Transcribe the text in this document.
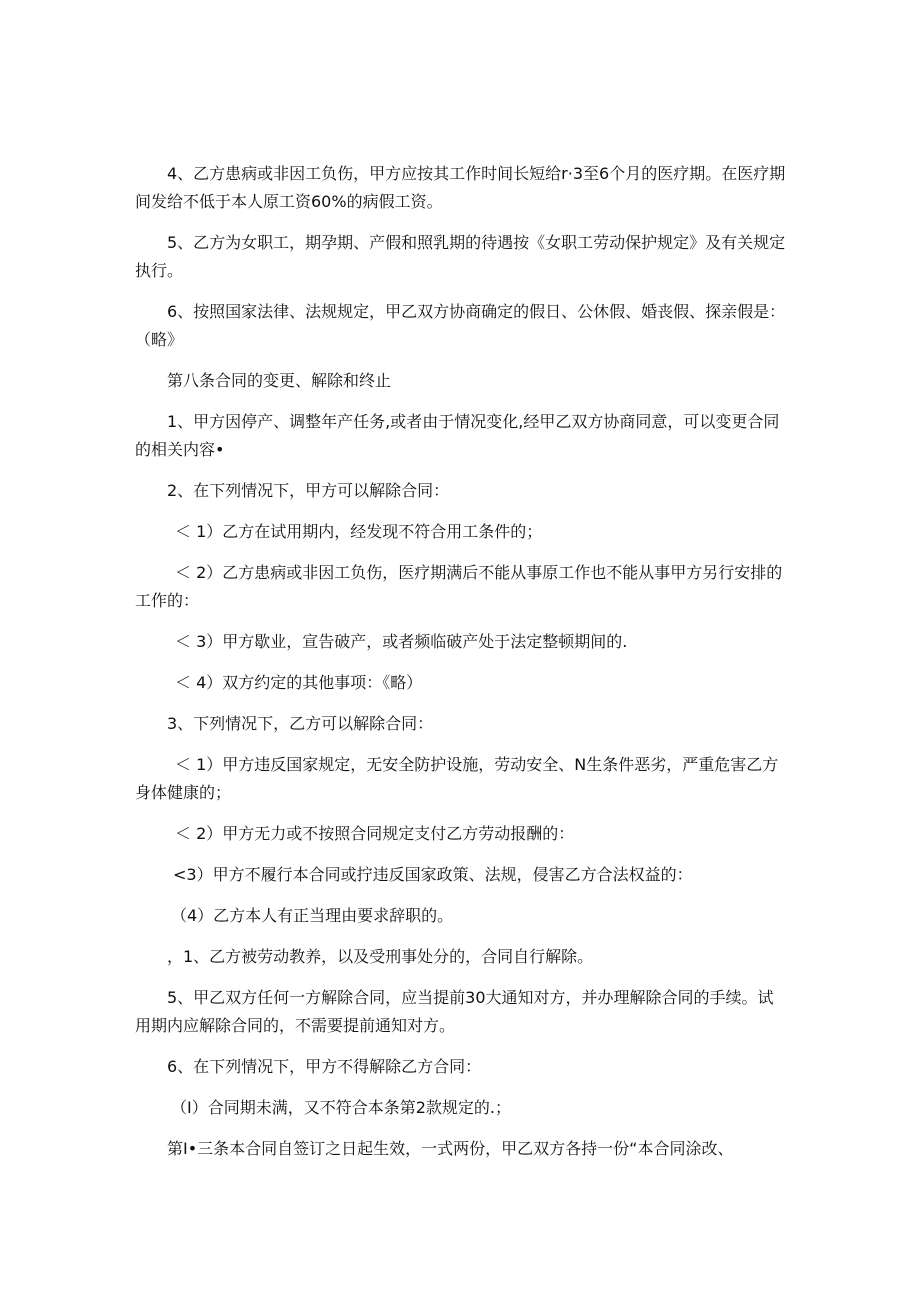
4、乙方患病或非因工负伤，甲方应按其工作时间长短给r·3至6个月的医疗期。在医疗期间发给不低于本人原工资60%的病假工资。

5、乙方为女职工，期孕期、产假和照乳期的待遇按《女职工劳动保护规定》及有关规定执行。

6、按照国家法律、法规规定，甲乙双方协商确定的假日、公休假、婚丧假、探亲假是：（略》

第八条合同的变更、解除和终止

1、甲方因停产、调整年产任务,或者由于情况变化,经甲乙双方协商同意，可以变更合同的相关内容•

2、在下列情况下，甲方可以解除合同：

＜ 1）乙方在试用期内，经发现不符合用工条件的；

＜ 2）乙方患病或非因工负伤，医疗期满后不能从事原工作也不能从事甲方另行安排的工作的：

＜ 3）甲方歇业，宣告破产，或者频临破产处于法定整顿期间的.

＜ 4）双方约定的其他事项：《略）

3、下列情况下，乙方可以解除合同：

＜ 1）甲方违反国家规定，无安全防护设施，劳动安全、N生条件恶劣，严重危害乙方身体健康的；

＜ 2）甲方无力或不按照合同规定支付乙方劳动报酬的：

<3）甲方不履行本合同或拧违反国家政策、法规，侵害乙方合法权益的：

（4）乙方本人有正当理由要求辞职的。

，1、乙方被劳动教养，以及受刑事处分的，合同自行解除。

5、甲乙双方任何一方解除合同，应当提前30大通知对方，并办理解除合同的手续。试用期内应解除合同的，不需要提前通知对方。

6、在下列情况下，甲方不得解除乙方合同：

（I）合同期未满，又不符合本条第2款规定的.；

第I•三条本合同自签订之日起生效，一式两份，甲乙双方各持一份“本合同涂改、
